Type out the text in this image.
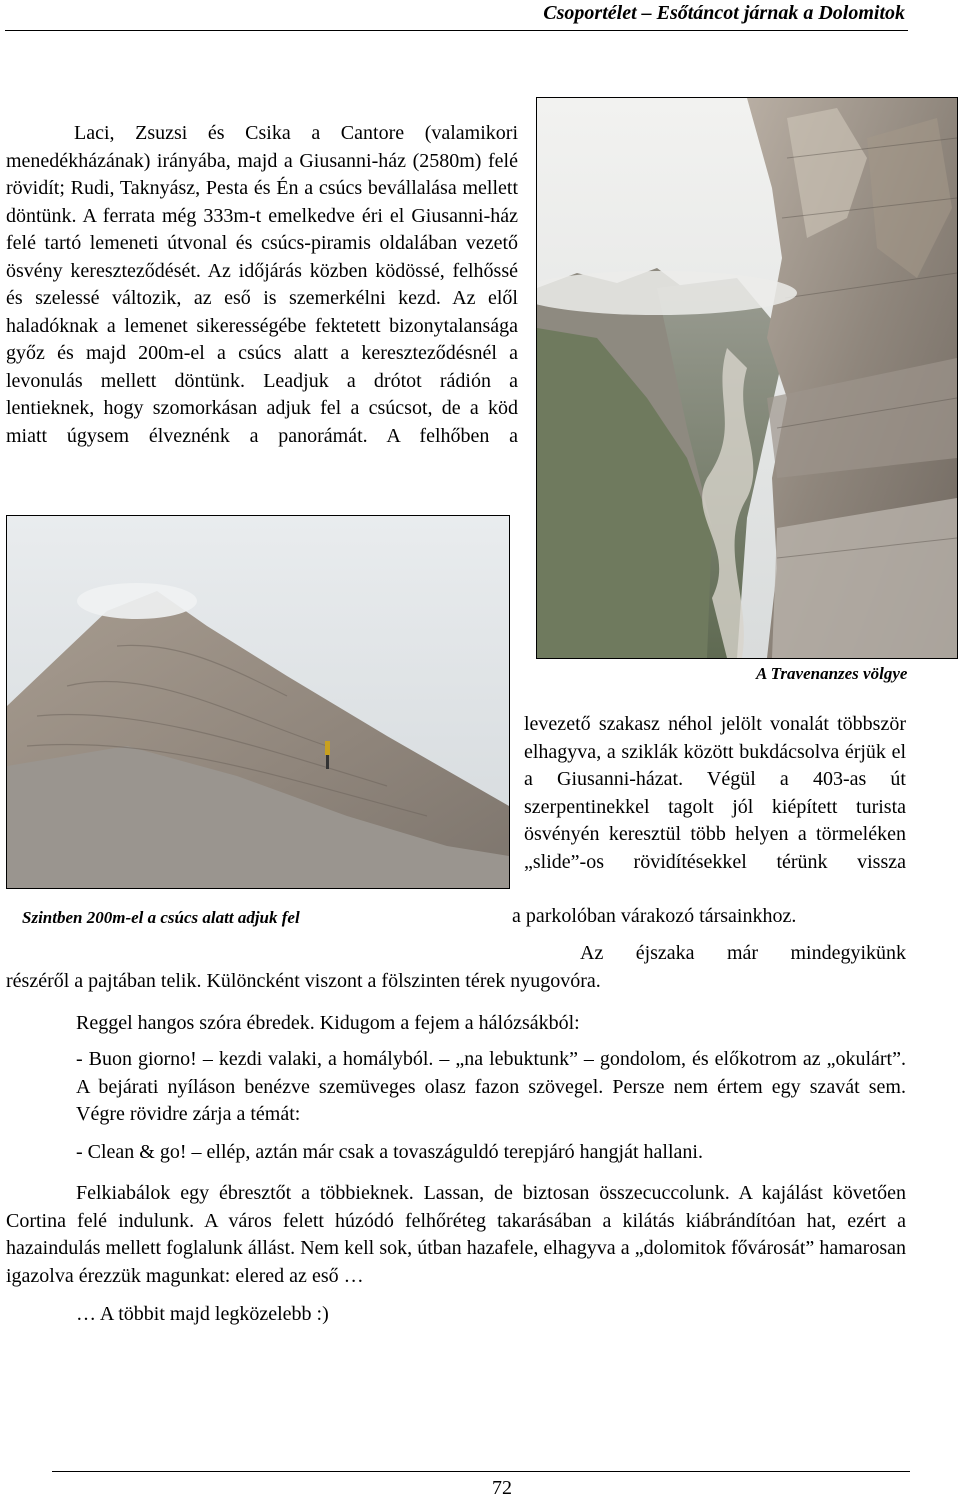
Csoportélet – Esőtáncot járnak a Dolomitok

Laci, Zsuzsi és Csika a Cantore (valamikori menedékházának) irányába, majd a Giusanni-ház (2580m) felé rövidít; Rudi, Taknyász, Pesta és Én a csúcs bevállalása mellett döntünk. A ferrata még 333m-t emelkedve éri el Giusanni-ház felé tartó lemeneti útvonal és csúcs-piramis oldalában vezető ösvény kereszteződését. Az időjárás közben ködössé, felhőssé és szelessé változik, az eső is szemerkélni kezd. Az elől haladóknak a lemenet sikerességébe fektetett bizonytalansága győz és majd 200m-el a csúcs alatt a kereszteződésnél a levonulás mellett döntünk. Leadjuk a drótot rádión a lentieknek, hogy szomorkásan adjuk fel a csúcsot, de a köd miatt úgysem élveznénk a panorámát. A felhőben a

A Travenanzes völgye
Szintben 200m-el a csúcs alatt adjuk fel

levezető szakasz néhol jelölt vonalát többször elhagyva, a sziklák között bukdácsolva érjük el a Giusanni-házat. Végül a 403-as út szerpentinekkel tagolt jól kiépített turista ösvényén keresztül több helyen a törmeléken „slide”-os rövidítésekkel térünk vissza

a parkolóban várakozó társainkhoz.

Az éjszaka már mindegyikünk

részéről a pajtában telik. Különcként viszont a fölszinten térek nyugovóra.

Reggel hangos szóra ébredek. Kidugom a fejem a hálózsákból:

- Buon giorno! – kezdi valaki, a homályból. – „na lebuktunk” – gondolom, és előkotrom az „okulárt”. A bejárati nyíláson benézve szemüveges olasz fazon szövegel. Persze nem értem egy szavát sem. Végre rövidre zárja a témát:

- Clean & go! – ellép, aztán már csak a tovaszáguldó terepjáró hangját hallani.

Felkiabálok egy ébresztőt a többieknek. Lassan, de biztosan összecuccolunk. A kajálást követően Cortina felé indulunk. A város felett húzódó felhőréteg takarásában a kilátás kiábrándítóan hat, ezért a hazaindulás mellett foglalunk állást. Nem kell sok, útban hazafele, elhagyva a „dolomitok fővárosát” hamarosan igazolva érezzük magunkat: elered az eső …

… A többit majd legközelebb :)

72
